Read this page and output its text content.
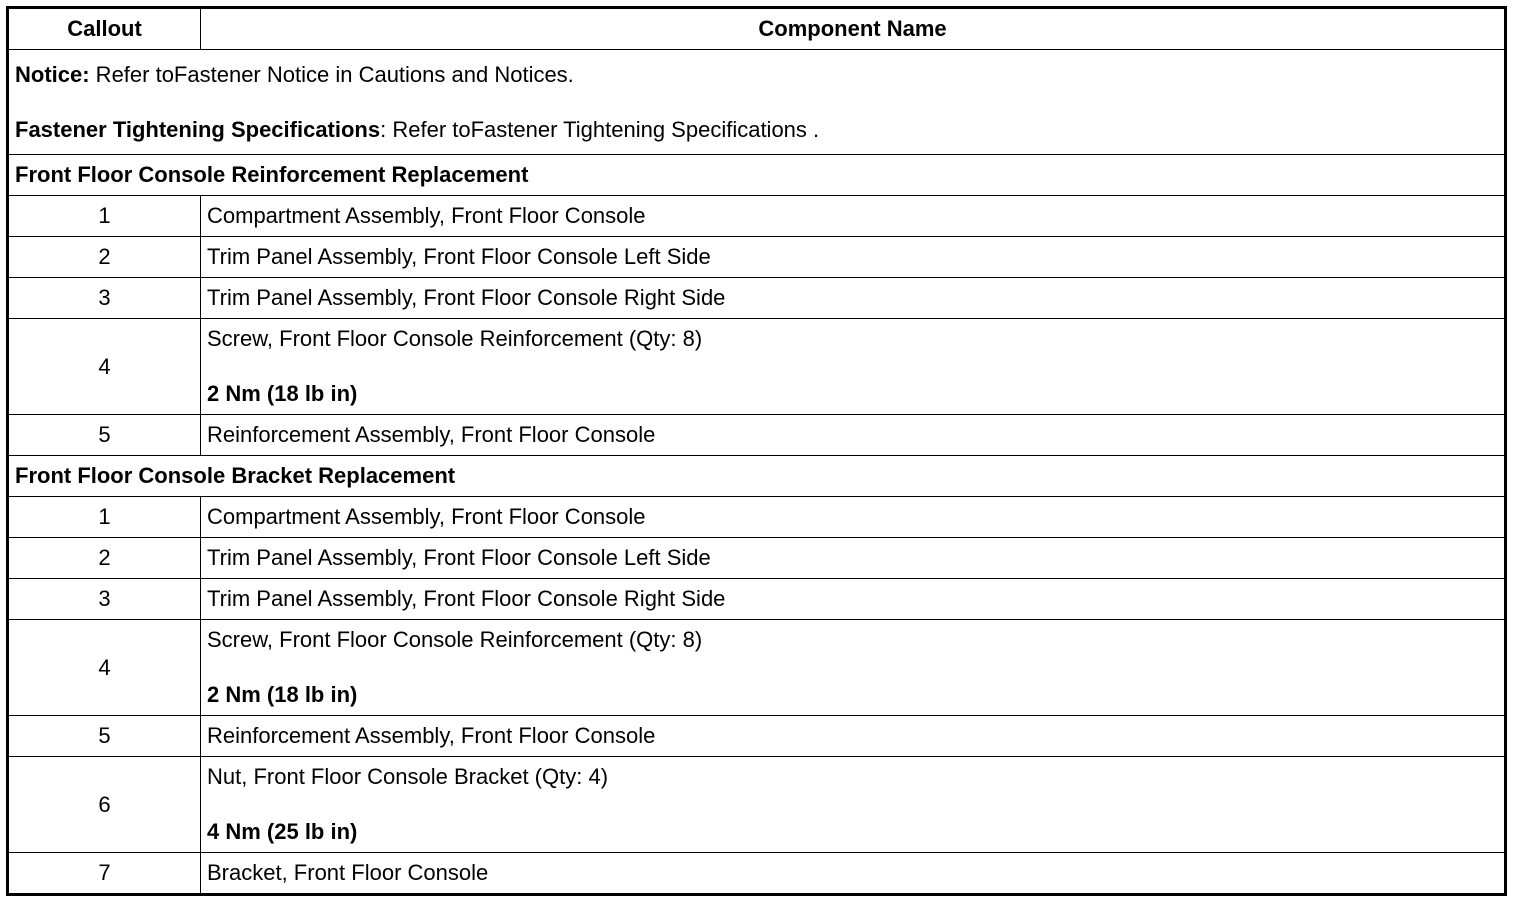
Callout	Component Name

Notice: Refer toFastener Notice in Cautions and Notices.
Fastener Tightening Specifications: Refer toFastener Tightening Specifications .	

Front Floor Console Reinforcement Replacement	
1	Compartment Assembly, Front Floor Console
2	Trim Panel Assembly, Front Floor Console Left Side
3	Trim Panel Assembly, Front Floor Console Right Side
4	Screw, Front Floor Console Reinforcement (Qty: 8)
2 Nm (18 lb in)

5	Reinforcement Assembly, Front Floor Console
Front Floor Console Bracket Replacement	
1	Compartment Assembly, Front Floor Console
2	Trim Panel Assembly, Front Floor Console Left Side
3	Trim Panel Assembly, Front Floor Console Right Side
4	Screw, Front Floor Console Reinforcement (Qty: 8)
2 Nm (18 lb in)

5	Reinforcement Assembly, Front Floor Console
6	Nut, Front Floor Console Bracket (Qty: 4)
4 Nm (25 lb in)

7	Bracket, Front Floor Console
